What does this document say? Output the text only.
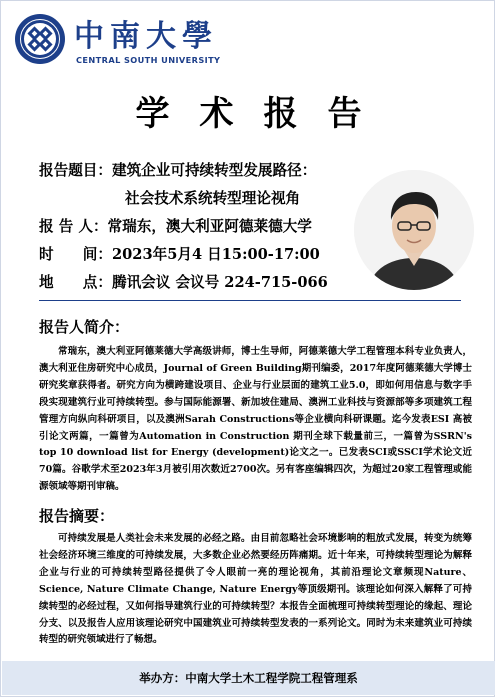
中南大學
CENTRAL SOUTH UNIVERSITY
学术报告
报告题目：建筑企业可持续转型发展路径：
社会技术系统转型理论视角
报 告 人：常瑞东，澳大利亚阿德莱德大学
时　　间：2023年5月4 日15:00-17:00
地　　点：腾讯会议 会议号 224-715-066
报告人简介：
常瑞东，澳大利亚阿德莱德大学高级讲师，博士生导师，阿德莱德大学工程管理本科专业负责人， 澳大利亚住房研究中心成员，Journal of Green Building期刊编委，2017年度阿德莱德大学博士研究奖章获得者。研究方向为横跨建设项目、企业与行业层面的建筑工业5.0，即如何用信息与数字手段实现建筑行业可持续转型。参与国际能源署、新加坡住建局、澳洲工业科技与资源部等多项建筑工程管理方向纵向科研项目，以及澳洲Sarah Constructions等企业横向科研课题。迄今发表ESI 高被引论文两篇，一篇曾为Automation in Construction 期刊全球下载量前三，一篇曾为SSRN's top 10 download list for Energy (development)论文之一。已发表SCI或SSCI学术论文近70篇。谷歌学术至2023年3月被引用次数近2700次。另有客座编辑四次，为超过20家工程管理或能源领域等期刊审稿。
报告摘要：
可持续发展是人类社会未来发展的必经之路。由目前忽略社会环境影响的粗放式发展，转变为统筹社会经济环境三维度的可持续发展，大多数企业必然要经历阵痛期。近十年来，可持续转型理论为解释企业与行业的可持续转型路径提供了令人眼前一亮的理论视角，其前沿理论文章频现Nature、Science, Nature Climate Change, Nature Energy等顶级期刊。该理论如何深入解释了可持续转型的必经过程，又如何指导建筑行业的可持续转型？本报告全面梳理可持续转型理论的缘起、理论分支、以及报告人应用该理论研究中国建筑业可持续转型发表的一系列论文。同时为未来建筑业可持续转型的研究领域进行了畅想。
举办方：中南大学土木工程学院工程管理系
